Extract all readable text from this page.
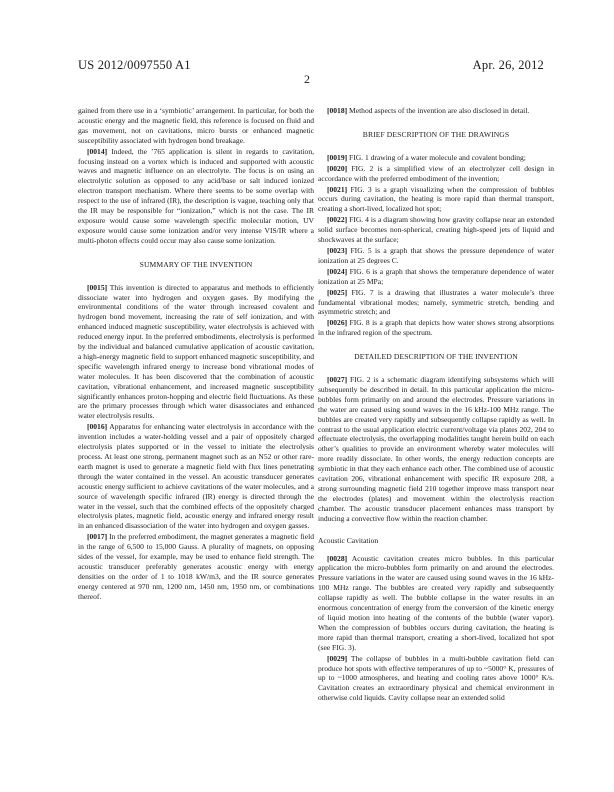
US 2012/0097550 A1	Apr. 26, 2012
2

gained from there use in a ‘symbiotic’ arrangement. In particular, for both the acoustic energy and the magnetic field, this reference is focused on fluid and gas movement, not on cavitations, micro bursts or enhanced magnetic susceptibility associated with hydrogen bond breakage.

[0014] Indeed, the ’765 application is silent in regards to cavitation, focusing instead on a vortex which is induced and supported with acoustic waves and magnetic influence on an electrolyte. The focus is on using an electrolytic solution as opposed to any acid/base or salt induced ionized electron transport mechanism. Where there seems to be some overlap with respect to the use of infrared (IR), the description is vague, teaching only that the IR may be responsible for “ionization,” which is not the case. The IR exposure would cause some wavelength specific molecular motion, UV exposure would cause some ionization and/or very intense VIS/IR where a multi-photon effects could occur may also cause some ionization.

SUMMARY OF THE INVENTION

[0015] This invention is directed to apparatus and methods to efficiently dissociate water into hydrogen and oxygen gases. By modifying the environmental conditions of the water through increased covalent and hydrogen bond movement, increasing the rate of self ionization, and with enhanced induced magnetic susceptibility, water electrolysis is achieved with reduced energy input. In the preferred embodiments, electrolysis is performed by the individual and balanced cumulative application of acoustic cavitation, a high-energy magnetic field to support enhanced magnetic susceptibility, and specific wavelength infrared energy to increase bond vibrational modes of water molecules. It has been discovered that the combination of acoustic cavitation, vibrational enhancement, and increased magnetic susceptibility significantly enhances proton-hopping and electric field fluctuations. As these are the primary processes through which water disassociates and enhanced water electrolysis results.

[0016] Apparatus for enhancing water electrolysis in accordance with the invention includes a water-holding vessel and a pair of oppositely charged electrolysis plates supported or in the vessel to initiate the electrolysis process. At least one strong, permanent magnet such as an N52 or other rare-earth magnet is used to generate a magnetic field with flux lines penetrating through the water contained in the vessel. An acoustic transducer generates acoustic energy sufficient to achieve cavitations of the water molecules, and a source of wavelength specific infrared (IR) energy is directed through the water in the vessel, such that the combined effects of the oppositely charged electrolysis plates, magnetic field, acoustic energy and infrared energy result in an enhanced disassociation of the water into hydrogen and oxygen gasses.

[0017] In the preferred embodiment, the magnet generates a magnetic field in the range of 6,500 to 15,000 Gauss. A plurality of magnets, on opposing sides of the vessel, for example, may be used to enhance field strength. The acoustic transducer preferably generates acoustic energy with energy densities on the order of 1 to 1018 kW/m3, and the IR source generates energy centered at 970 nm, 1200 nm, 1450 nm, 1950 nm, or combinations thereof.

[0018] Method aspects of the invention are also disclosed in detail.

BRIEF DESCRIPTION OF THE DRAWINGS

[0019] FIG. 1 drawing of a water molecule and covalent bonding;

[0020] FIG. 2 is a simplified view of an electrolyzer cell design in accordance with the preferred embodiment of the invention;

[0021] FIG. 3 is a graph visualizing when the compression of bubbles occurs during cavitation, the heating is more rapid than thermal transport, creating a short-lived, localized hot spot;

[0022] FIG. 4 is a diagram showing how gravity collapse near an extended solid surface becomes non-spherical, creating high-speed jets of liquid and shockwaves at the surface;

[0023] FIG. 5 is a graph that shows the pressure dependence of water ionization at 25 degrees C.

[0024] FIG. 6 is a graph that shows the temperature dependence of water ionization at 25 MPa;

[0025] FIG. 7 is a drawing that illustrates a water molecule’s three fundamental vibrational modes; namely, symmetric stretch, bending and asymmetric stretch; and

[0026] FIG. 8 is a graph that depicts how water shows strong absorptions in the infrared region of the spectrum.

DETAILED DESCRIPTION OF THE INVENTION

[0027] FIG. 2 is a schematic diagram identifying subsystems which will subsequently be described in detail. In this particular application the micro-bubbles form primarily on and around the electrodes. Pressure variations in the water are caused using sound waves in the 16 kHz-100 MHz range. The bubbles are created very rapidly and subsequently collapse rapidly as well. In contrast to the usual application electric current/voltage via plates 202, 204 to effectuate electrolysis, the overlapping modalities taught herein build on each other’s qualities to provide an environment whereby water molecules will more readily dissociate. In other words, the energy reduction concepts are symbiotic in that they each enhance each other. The combined use of acoustic cavitation 206, vibrational enhancement with specific IR exposure 208, a strong surrounding magnetic field 210 together improve mass transport near the electrodes (plates) and movement within the electrolysis reaction chamber. The acoustic transducer placement enhances mass transport by inducing a convective flow within the reaction chamber.

Acoustic Cavitation

[0028] Acoustic cavitation creates micro bubbles. In this particular application the micro-bubbles form primarily on and around the electrodes. Pressure variations in the water are caused using sound waves in the 16 kHz-100 MHz range. The bubbles are created very rapidly and subsequently collapse rapidly as well. The bubble collapse in the water results in an enormous concentration of energy from the conversion of the kinetic energy of liquid motion into heating of the contents of the bubble (water vapor). When the compression of bubbles occurs during cavitation, the heating is more rapid than thermal transport, creating a short-lived, localized hot spot (see FIG. 3).

[0029] The collapse of bubbles in a multi-bubble cavitation field can produce hot spots with effective temperatures of up to ~5000° K, pressures of up to ~1000 atmospheres, and heating and cooling rates above 1000° K/s. Cavitation creates an extraordinary physical and chemical environment in otherwise cold liquids. Cavity collapse near an extended solid
